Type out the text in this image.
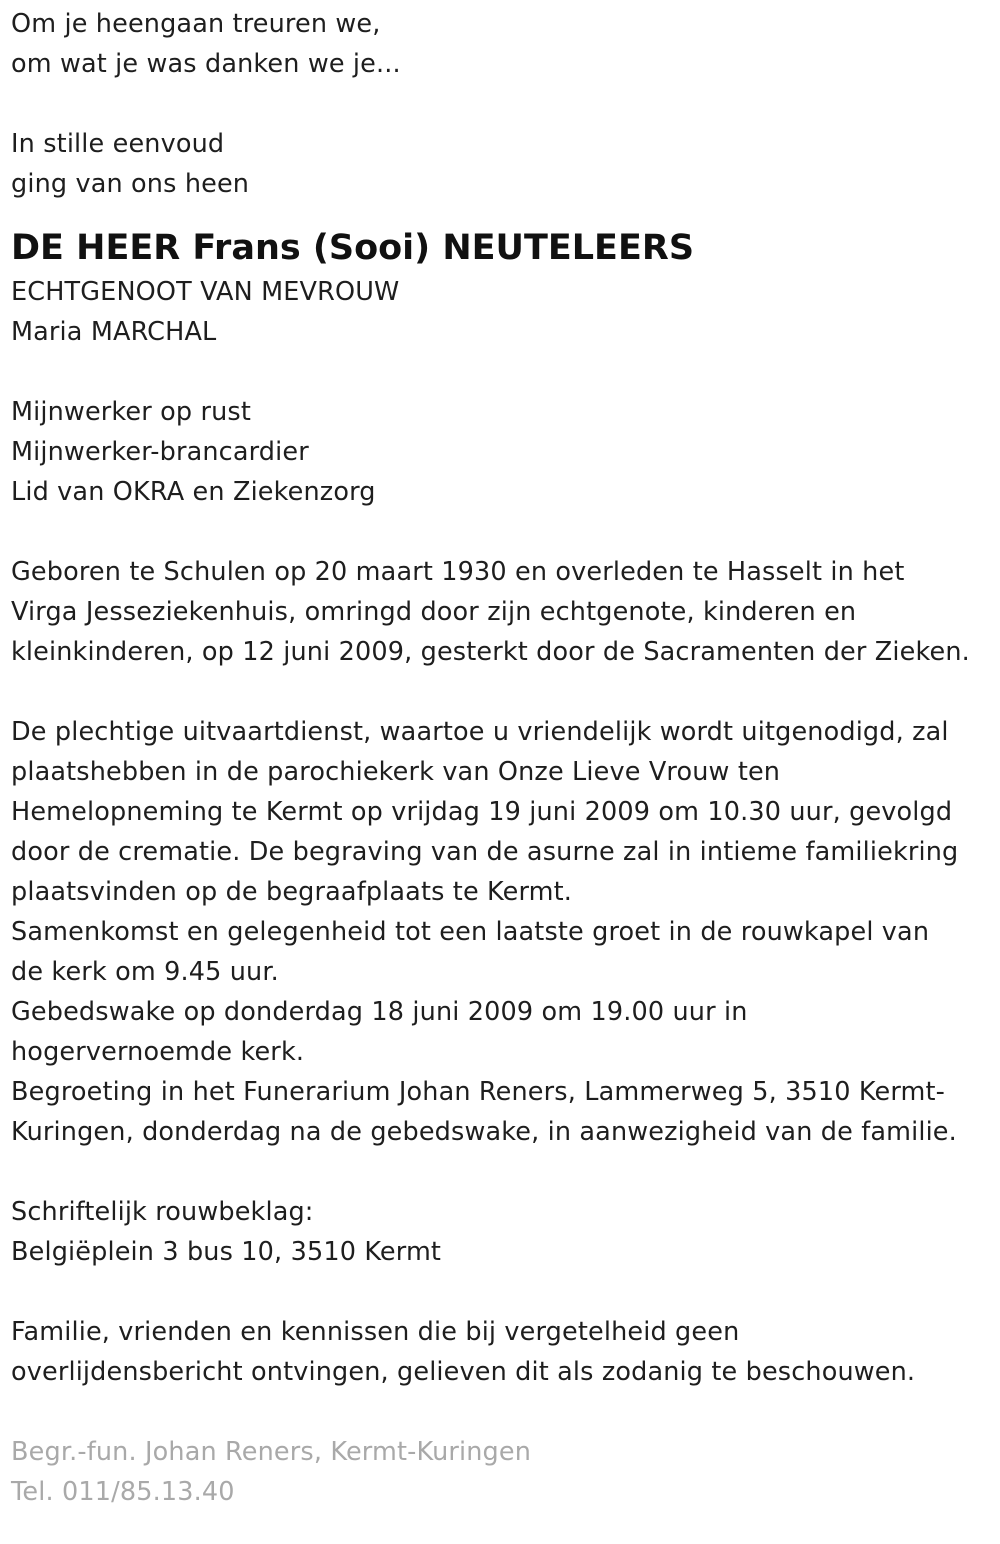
Om je heengaan treuren we,
om wat je was danken we je...
In stille eenvoud
ging van ons heen
DE HEER Frans (Sooi) NEUTELEERS
ECHTGENOOT VAN MEVROUW
Maria MARCHAL
Mijnwerker op rust
Mijnwerker-brancardier
Lid van OKRA en Ziekenzorg
Geboren te Schulen op 20 maart 1930 en overleden te Hasselt in het
Virga Jesseziekenhuis, omringd door zijn echtgenote, kinderen en
kleinkinderen, op 12 juni 2009, gesterkt door de Sacramenten der Zieken.
De plechtige uitvaartdienst, waartoe u vriendelijk wordt uitgenodigd, zal
plaatshebben in de parochiekerk van Onze Lieve Vrouw ten
Hemelopneming te Kermt op vrijdag 19 juni 2009 om 10.30 uur, gevolgd
door de crematie. De begraving van de asurne zal in intieme familiekring
plaatsvinden op de begraafplaats te Kermt.
Samenkomst en gelegenheid tot een laatste groet in de rouwkapel van
de kerk om 9.45 uur.
Gebedswake op donderdag 18 juni 2009 om 19.00 uur in
hogervernoemde kerk.
Begroeting in het Funerarium Johan Reners, Lammerweg 5, 3510 Kermt-
Kuringen, donderdag na de gebedswake, in aanwezigheid van de familie.
Schriftelijk rouwbeklag:
Belgiëplein 3 bus 10, 3510 Kermt
Familie, vrienden en kennissen die bij vergetelheid geen
overlijdensbericht ontvingen, gelieven dit als zodanig te beschouwen.
Begr.-fun. Johan Reners, Kermt-Kuringen
Tel. 011/85.13.40
